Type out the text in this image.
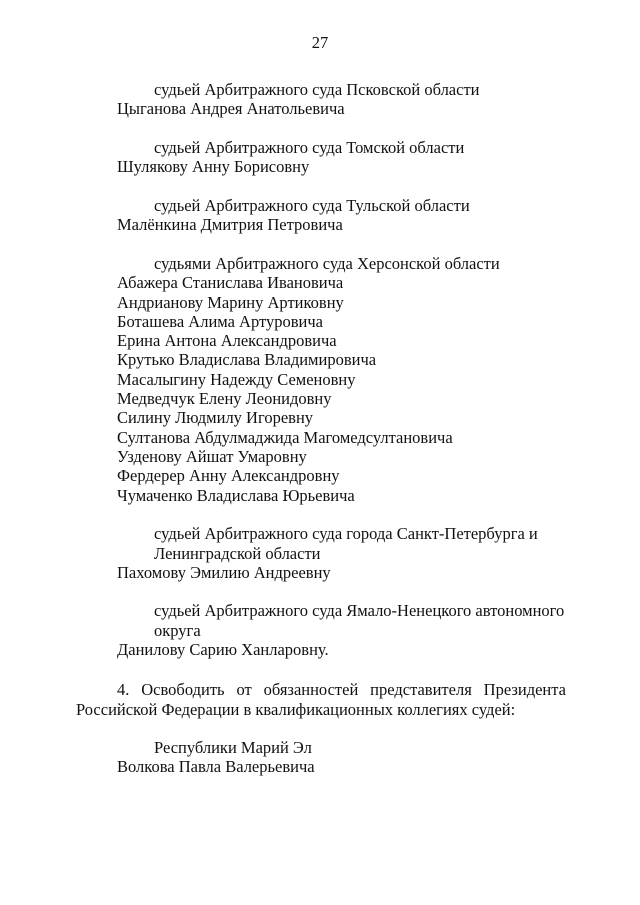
27
судьей Арбитражного суда Псковской области
Цыганова Андрея Анатольевича
судьей Арбитражного суда Томской области
Шулякову Анну Борисовну
судьей Арбитражного суда Тульской области
Малёнкина Дмитрия Петровича
судьями Арбитражного суда Херсонской области
Абажера Станислава Ивановича
Андрианову Марину Артиковну
Боташева Алима Артуровича
Ерина Антона Александровича
Крутько Владислава Владимировича
Масалыгину Надежду Семеновну
Медведчук Елену Леонидовну
Силину Людмилу Игоревну
Султанова Абдулмаджида Магомедсултановича
Узденову Айшат Умаровну
Фердерер Анну Александровну
Чумаченко Владислава Юрьевича
судьей Арбитражного суда города Санкт-Петербурга и Ленинградской области
Пахомову Эмилию Андреевну
судьей Арбитражного суда Ямало-Ненецкого автономного округа
Данилову Сарию Ханларовну.
4. Освободить от обязанностей представителя Президента
Российской Федерации в квалификационных коллегиях судей:
Республики Марий Эл
Волкова Павла Валерьевича
